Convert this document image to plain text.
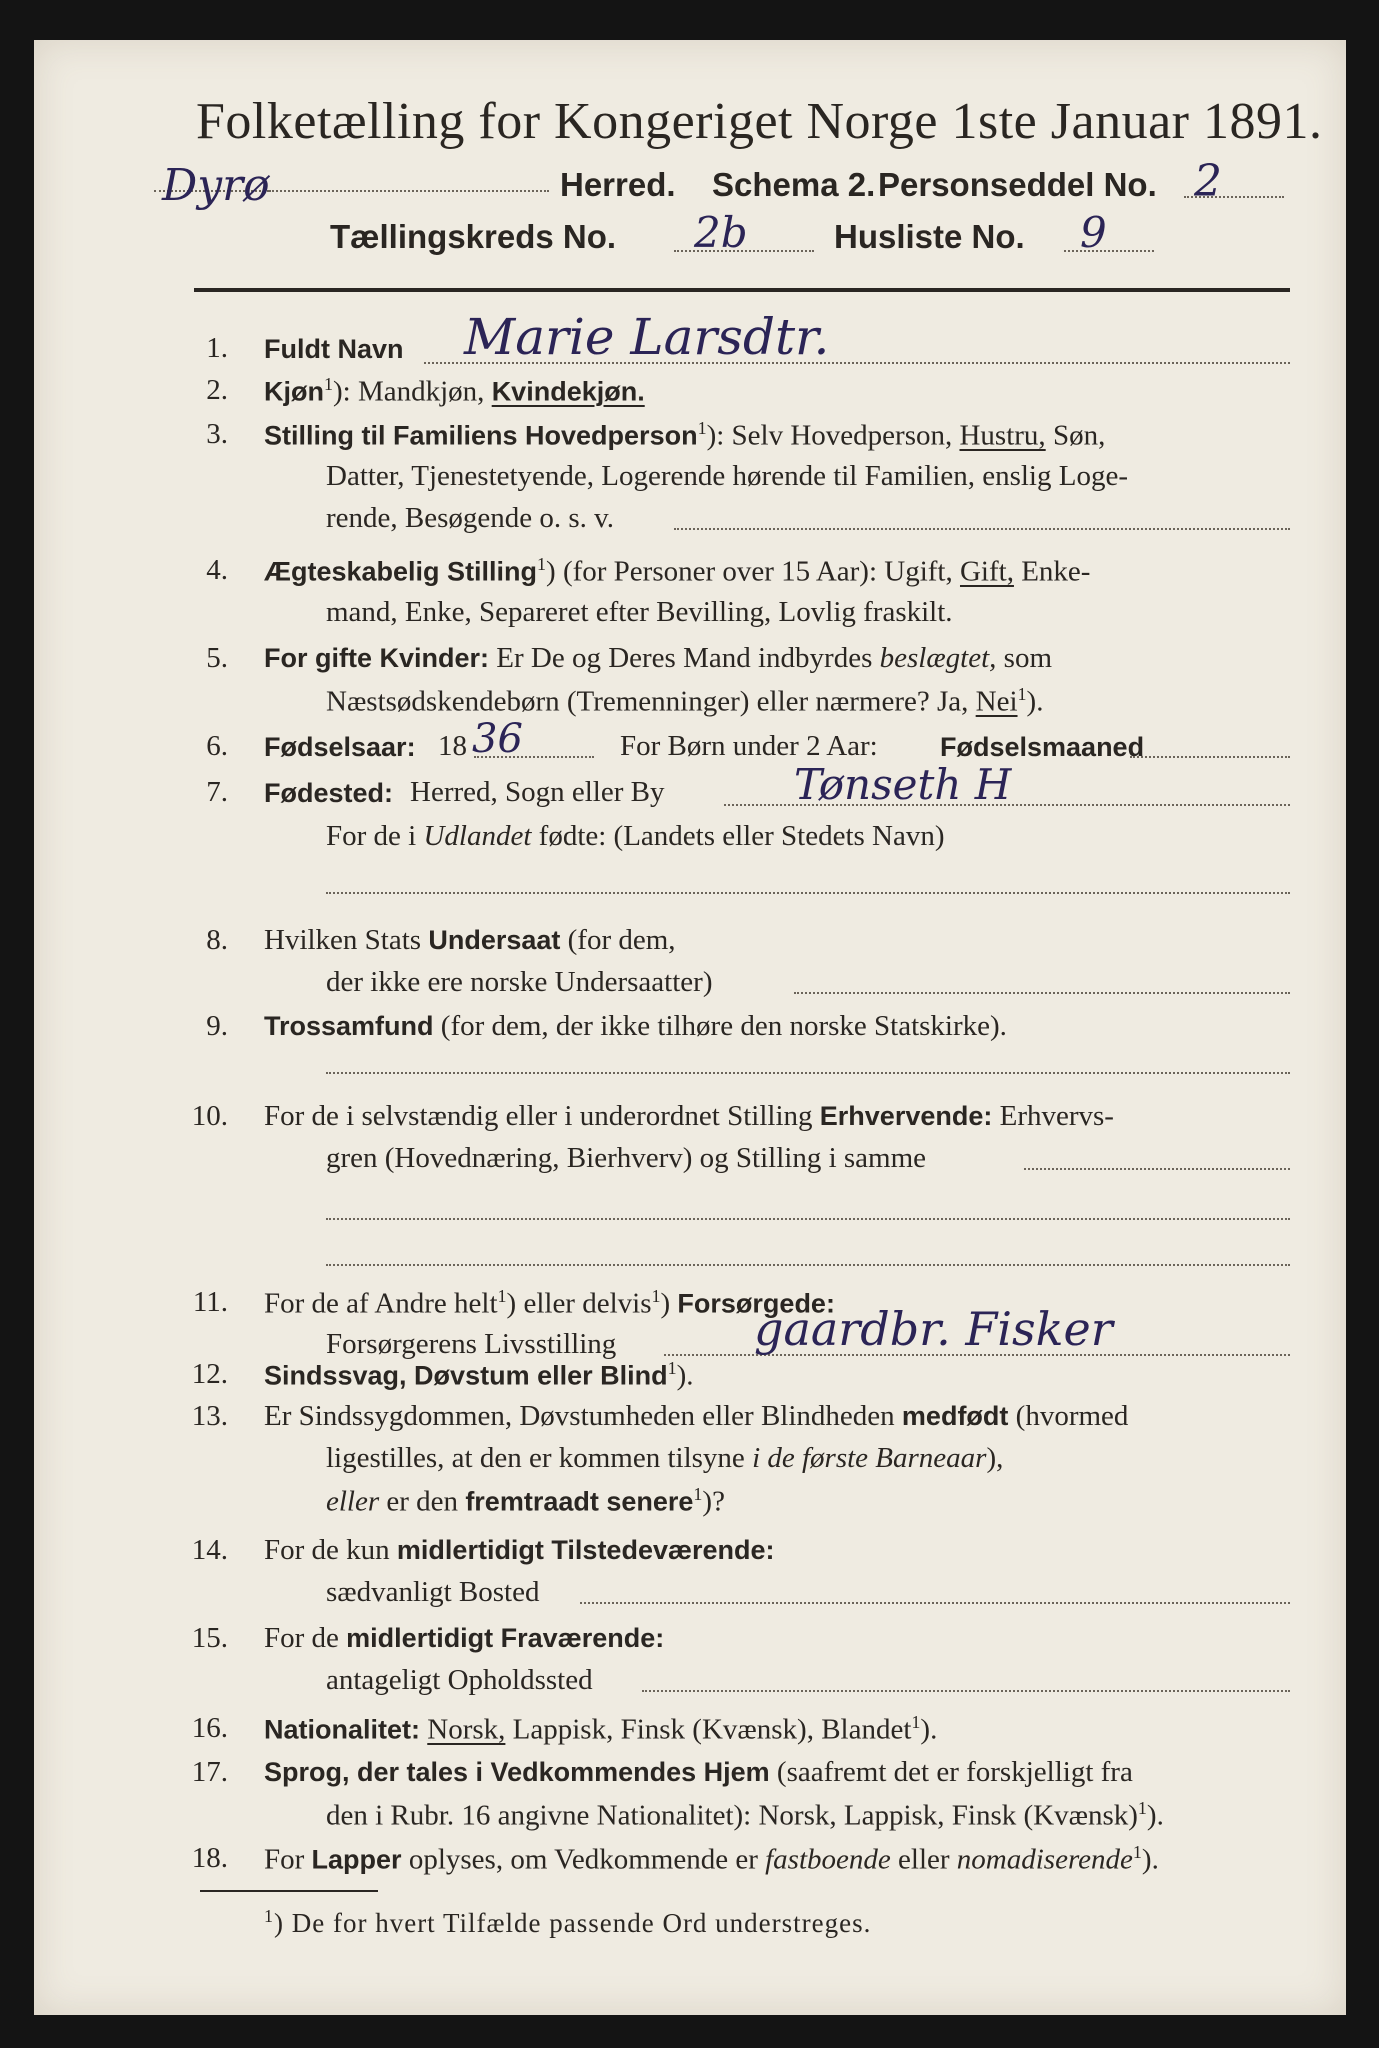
Folketælling for Kongeriget Norge 1ste Januar 1891.
Dyrø	Herred. Schema 2. Personseddel No. 2
Tællingskreds No. 2b	Husliste No. 9
1. Fuldt Navn Marie Larsdtr.
2. Kjøn$^1$): Mandkjøn, Kvindekjøn.
3. Stilling til Familiens Hovedperson$^1$): Selv Hovedperson, Hustru, Søn,
Datter, Tjenestetyende, Logerende hørende til Familien, enslig Loge-
rende, Besøgende o. s. v.
4. Ægteskabelig Stilling$^1$) (for Personer over 15 Aar): Ugift, Gift, Enke-
mand, Enke, Separeret efter Bevilling, Lovlig fraskilt.
5. For gifte Kvinder: Er De og Deres Mand indbyrdes beslægtet, som
Næstsødskendebørn (Tremenninger) eller nærmere? Ja, Nei$^1$).
6. Fødselsaar: 18 36	For Børn under 2 Aar: Fødselsmaaned
7. Fødested: Herred, Sogn eller By	Tønseth H
For de i Udlandet fødte: (Landets eller Stedets Navn)
8. Hvilken Stats Undersaat (for dem,
der ikke ere norske Undersaatter)
9. Trossamfund (for dem, der ikke tilhøre den norske Statskirke).
10. For de i selvstændig eller i underordnet Stilling Erhvervende: Erhvervs-
gren (Hovednæring, Bierhverv) og Stilling i samme
11. For de af Andre helt$^1$) eller delvis$^1$) Forsørgede:
Forsørgerens Livsstilling	gaardbr. Fisker
12. Sindssvag, Døvstum eller Blind$^1$).
13. Er Sindssygdommen, Døvstumheden eller Blindheden medfødt (hvormed
ligestilles, at den er kommen tilsyne i de første Barneaar),
eller er den fremtraadt senere$^1$)?
14. For de kun midlertidigt Tilstedeværende:
sædvanligt Bosted
15. For de midlertidigt Fraværende:
antageligt Opholdssted
16. Nationalitet: Norsk, Lappisk, Finsk (Kvænsk), Blandet$^1$).
17. Sprog, der tales i Vedkommendes Hjem (saafremt det er forskjelligt fra
den i Rubr. 16 angivne Nationalitet): Norsk, Lappisk, Finsk (Kvænsk)$^1$).
18. For Lapper oplyses, om Vedkommende er fastboende eller nomadiserende$^1$).
$^1$) De for hvert Tilfælde passende Ord understreges.
